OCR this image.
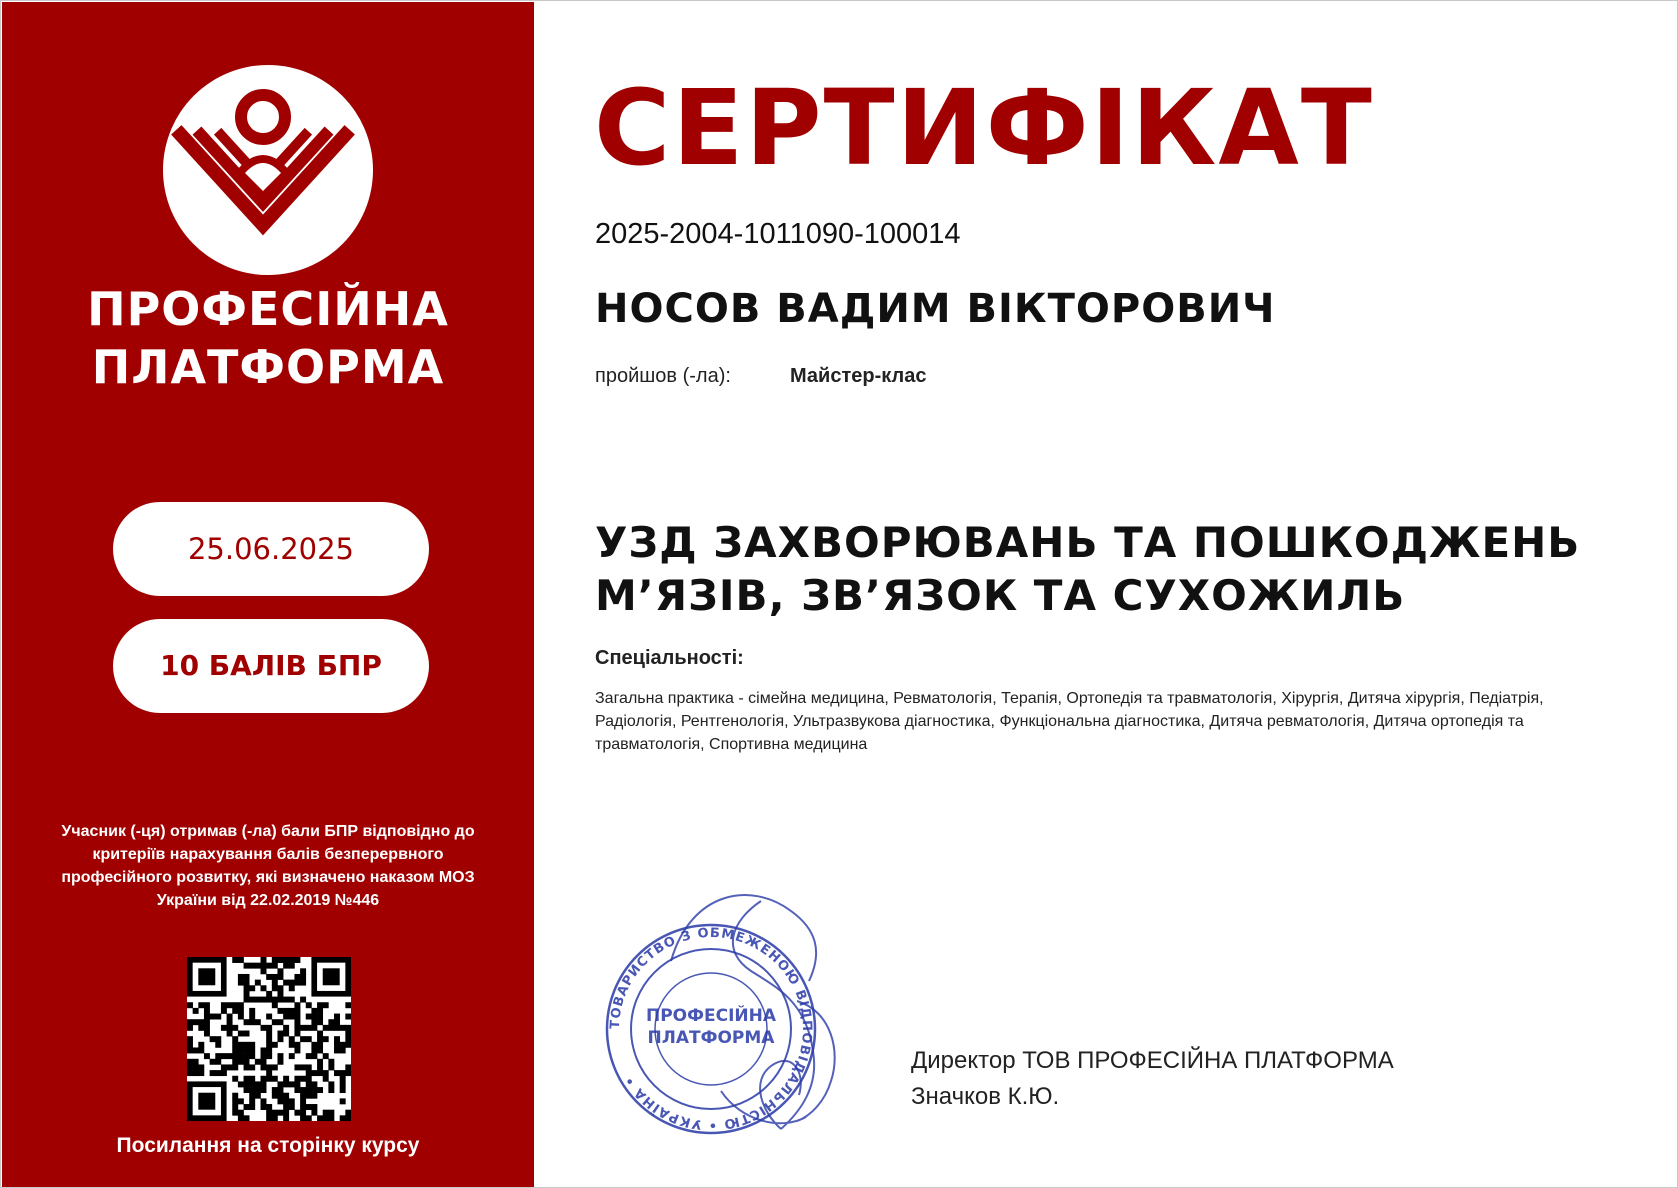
ПРОФЕСІЙНА
ПЛАТФОРМА
25.06.2025
10 БАЛІВ БПР
Учасник (-ця) отримав (-ла) бали БПР відповідно до критеріїв нарахування балів безперервного професійного розвитку, які визначено наказом МОЗ України від 22.02.2019 №446
Посилання на сторінку курсу
СЕРТИФІКАТ
2025-2004-1011090-100014
НОСОВ ВАДИМ ВІКТОРОВИЧ
пройшов (-ла):	Майстер-клас
УЗД ЗАХВОРЮВАНЬ ТА ПОШКОДЖЕНЬ М’ЯЗІВ, ЗВ’ЯЗОК ТА СУХОЖИЛЬ
Спеціальності:
Загальна практика - сімейна медицина, Ревматологія, Терапія, Ортопедія та травматологія, Хірургія, Дитяча хірургія, Педіатрія, Радіологія, Рентгенологія, Ультразвукова діагностика, Функціональна діагностика, Дитяча ревматологія, Дитяча ортопедія та травматологія, Спортивна медицина
ТОВАРИСТВО З ОБМЕЖЕНОЮ ВІДПОВІДАЛЬНІСТЮ • УКРАЇНА •
ПРОФЕСІЙНА
ПЛАТФОРМА
Директор ТОВ ПРОФЕСІЙНА ПЛАТФОРМА
Значков К.Ю.
